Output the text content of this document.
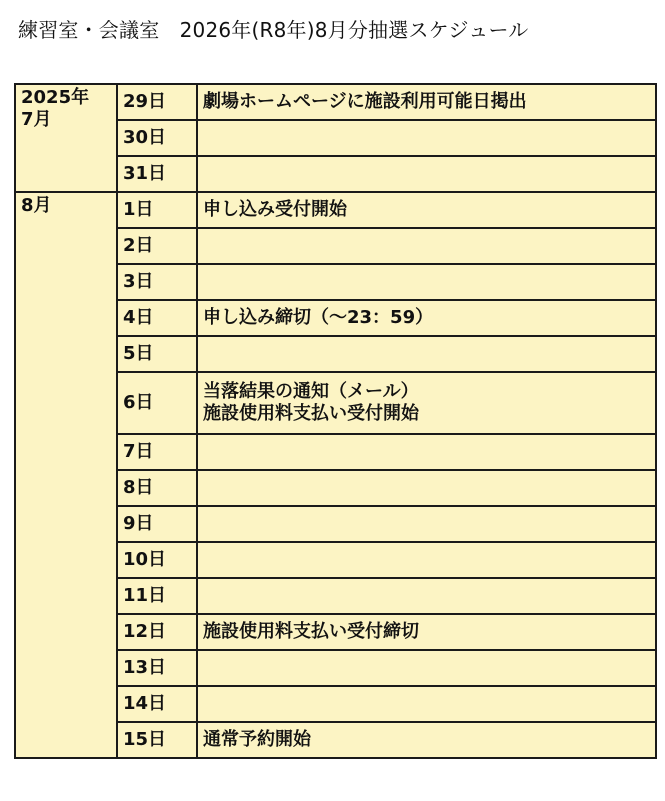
練習室・会議室　2026年(R8年)8月分抽選スケジュール
2025年
7月	29日	劇場ホームページに施設利用可能日掲出
	30日	
	31日	

8月	1日	申し込み受付開始
	2日	
	3日	
	4日	申し込み締切（～23：59）
	5日	
	6日	当落結果の通知（メール）
施設使用料支払い受付開始

	7日	
	8日	
	9日	
	10日	
	11日	
	12日	施設使用料支払い受付締切
	13日	
	14日	
	15日	通常予約開始
